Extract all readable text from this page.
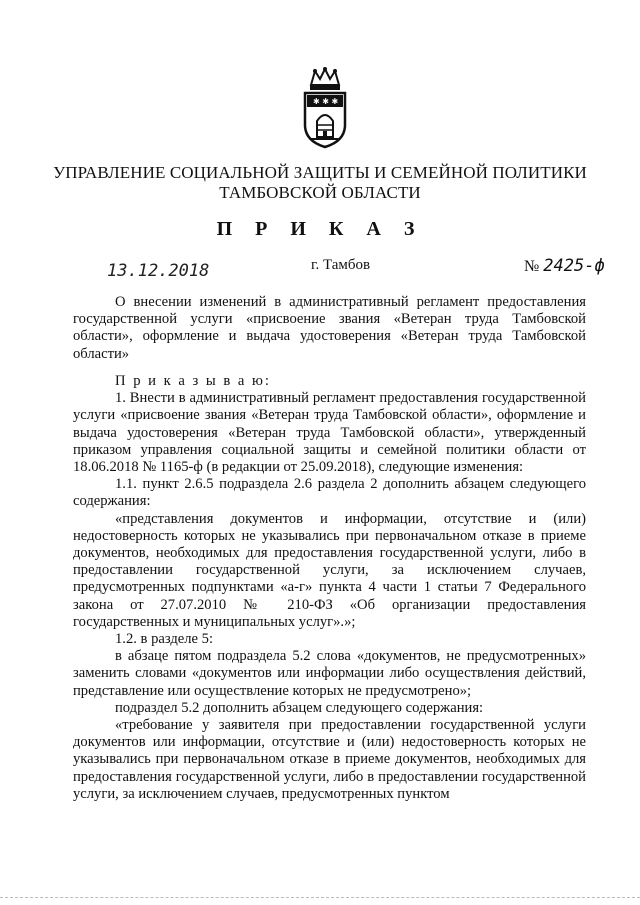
✱ ✱ ✱
УПРАВЛЕНИЕ СОЦИАЛЬНОЙ ЗАЩИТЫ И СЕМЕЙНОЙ ПОЛИТИКИ
ТАМБОВСКОЙ ОБЛАСТИ
П Р И К А З
13.12.2018	г. Тамбов	№ 2425-ф

О внесении изменений в административный регламент предоставления государственной услуги «присвоение звания «Ветеран труда Тамбовской области», оформление и выдача удостоверения «Ветеран труда Тамбовской области»

П р и к а з ы в а ю:

1. Внести в административный регламент предоставления государственной услуги «присвоение звания «Ветеран труда Тамбовской области», оформление и выдача удостоверения «Ветеран труда Тамбовской области», утвержденный приказом управления социальной защиты и семейной политики области от 18.06.2018 № 1165-ф (в редакции от 25.09.2018), следующие изменения:

1.1. пункт 2.6.5 подраздела 2.6 раздела 2 дополнить абзацем следующего содержания:

«представления документов и информации, отсутствие и (или) недостоверность которых не указывались при первоначальном отказе в приеме документов, необходимых для предоставления государственной услуги, либо в предоставлении государственной услуги, за исключением случаев, предусмотренных подпунктами «а-г» пункта 4 части 1 статьи 7 Федерального закона от 27.07.2010 № 210-ФЗ «Об организации предоставления государственных и муниципальных услуг».»;

1.2. в разделе 5:

в абзаце пятом подраздела 5.2 слова «документов, не предусмотренных» заменить словами «документов или информации либо осуществления действий, представление или осуществление которых не предусмотрено»;

подраздел 5.2 дополнить абзацем следующего содержания:

«требование у заявителя при предоставлении государственной услуги документов или информации, отсутствие и (или) недостоверность которых не указывались при первоначальном отказе в приеме документов, необходимых для предоставления государственной услуги, либо в предоставлении государственной услуги, за исключением случаев, предусмотренных пунктом
